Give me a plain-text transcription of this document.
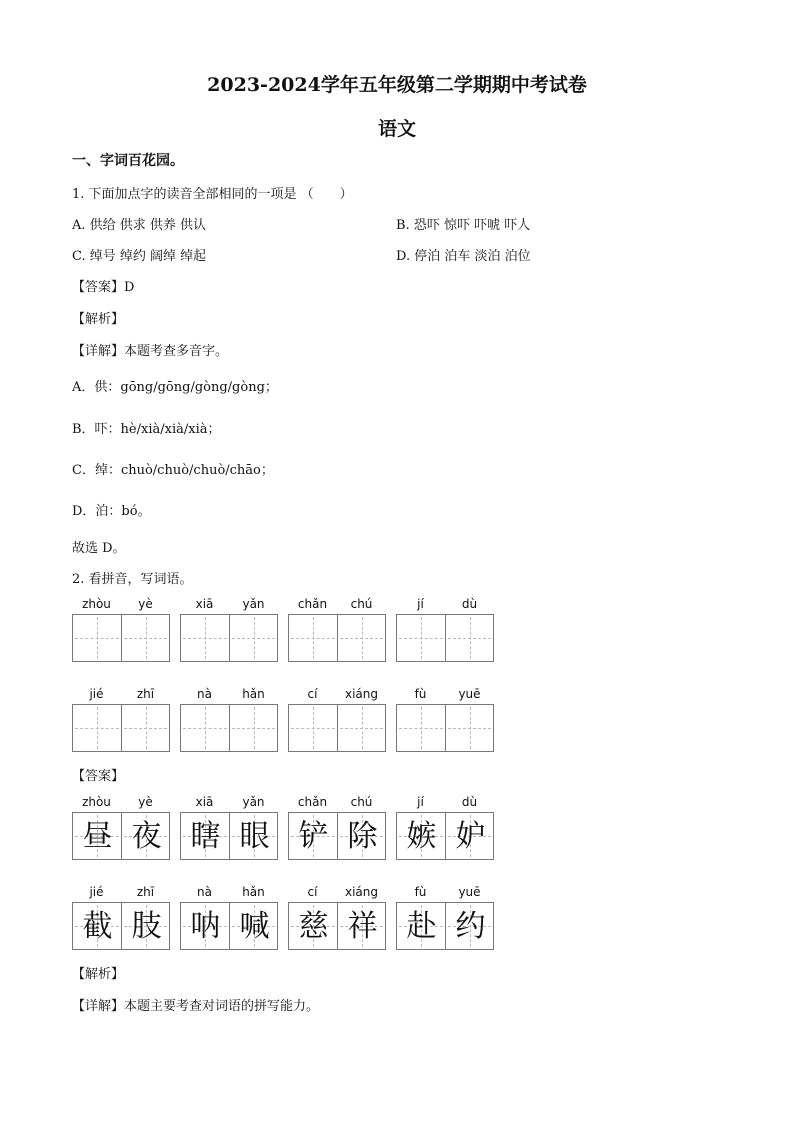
2023-2024学年五年级第二学期期中考试卷
语文
一、字词百花园。
1. 下面加点字的读音全部相同的一项是 （　　）
A. 供给 供求 供养 供认	B. 恐吓 惊吓 吓唬 吓人
C. 绰号 绰约 阔绰 绰起	D. 停泊 泊车 淡泊 泊位
【答案】D
【解析】
【详解】本题考查多音字。
A．供：gōng/gōng/gòng/gòng；
B．吓：hè/xià/xià/xià；
C．绰：chuò/chuò/chuò/chāo；
D．泊：bó。
故选 D。
2. 看拼音，写词语。
zhòu	yè	xiā	yǎn	chǎn	chú	jí	dù
jié	zhī	nà	hǎn	cí	xiáng	fù	yuē
【答案】
zhòu	yè	xiā	yǎn	chǎn	chú	jí	dù
昼 夜 瞎 眼 铲 除 嫉 妒
jié	zhī	nà	hǎn	cí	xiáng	fù	yuē
截 肢 呐 喊 慈 祥 赴 约
【解析】
【详解】本题主要考查对词语的拼写能力。
